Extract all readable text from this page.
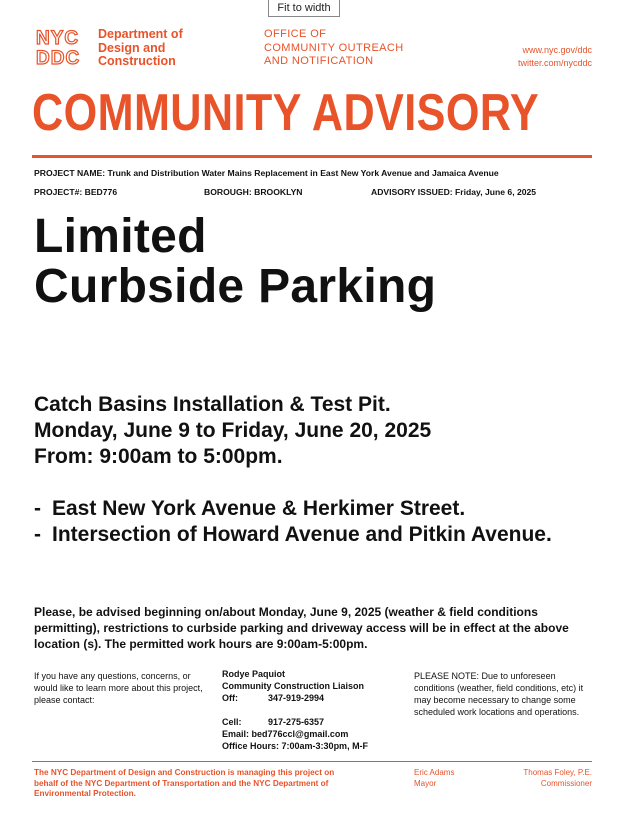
Fit to width
NYC
DDC
Department of
Design and
Construction
OFFICE OF
COMMUNITY OUTREACH
AND NOTIFICATION
www.nyc.gov/ddc
twitter.com/nycddc
COMMUNITY ADVISORY
PROJECT NAME: Trunk and Distribution Water Mains Replacement in East New York Avenue and Jamaica Avenue
PROJECT#: BED776	BOROUGH: BROOKLYN	ADVISORY ISSUED: Friday, June 6, 2025
Limited
Curbside Parking
Catch Basins Installation & Test Pit.
Monday, June 9 to Friday, June 20, 2025
From: 9:00am to 5:00pm.
- East New York Avenue & Herkimer Street.
- Intersection of Howard Avenue and Pitkin Avenue.
Please, be advised beginning on/about Monday, June 9, 2025 (weather & field conditions permitting), restrictions to curbside parking and driveway access will be in effect at the above location (s). The permitted work hours are 9:00am-5:00pm.
If you have any questions, concerns, or would like to learn more about this project, please contact:
Rodye Paquiot
Community Construction Liaison
Off:	347-919-2994
Cell:	917-275-6357
Email:
bed776ccl@gmail.com
Office Hours:
7:00am-3:30pm, M-F
PLEASE NOTE: Due to unforeseen conditions (weather, field conditions, etc) it may become necessary to change some scheduled work locations and operations.
The NYC Department of Design and Construction is managing this project on behalf of the NYC Department of Transportation and the NYC Department of Environmental Protection.
Eric Adams
Mayor
Thomas Foley, P.E.
Commissioner
